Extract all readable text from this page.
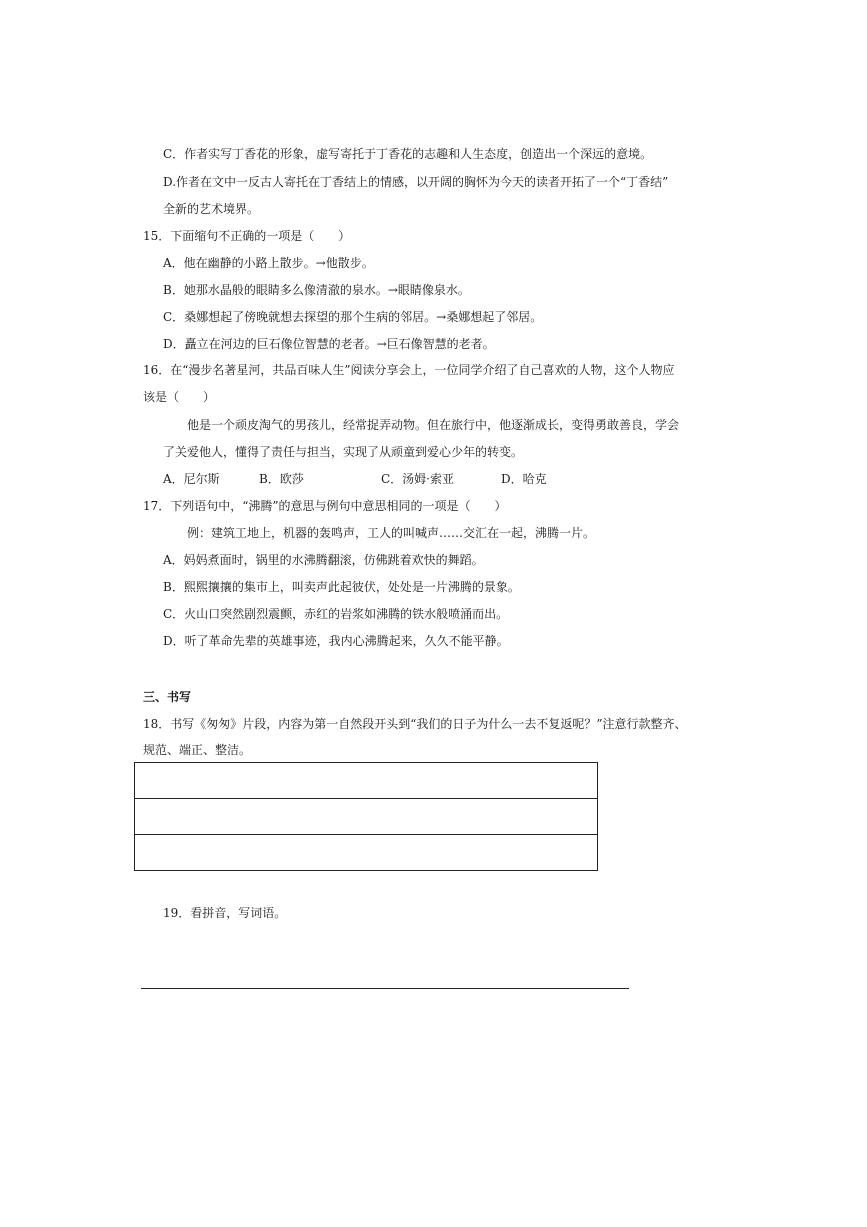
C．作者实写丁香花的形象，虚写寄托于丁香花的志趣和人生态度，创造出一个深远的意境。
D.作者在文中一反古人寄托在丁香结上的情感，以开阔的胸怀为今天的读者开拓了一个“丁香结”
全新的艺术境界。
15．下面缩句不正确的一项是（　　）
A．他在幽静的小路上散步。→他散步。
B．她那水晶般的眼睛多么像清澈的泉水。→眼睛像泉水。
C．桑娜想起了傍晚就想去探望的那个生病的邻居。→桑娜想起了邻居。
D．矗立在河边的巨石像位智慧的老者。→巨石像智慧的老者。
16．在“漫步名著星河，共品百味人生”阅读分享会上，一位同学介绍了自己喜欢的人物，这个人物应
该是（　　）
他是一个顽皮淘气的男孩儿，经常捉弄动物。但在旅行中，他逐渐成长，变得勇敢善良，学会
了关爱他人，懂得了责任与担当，实现了从顽童到爱心少年的转变。
A．尼尔斯	B．欧莎	C．汤姆·索亚	D．哈克
17．下列语句中，“沸腾”的意思与例句中意思相同的一项是（　　）
例：建筑工地上，机器的轰鸣声，工人的叫喊声……交汇在一起，沸腾一片。
A．妈妈煮面时，锅里的水沸腾翻滚，仿佛跳着欢快的舞蹈。
B．熙熙攘攘的集市上，叫卖声此起彼伏，处处是一片沸腾的景象。
C．火山口突然剧烈震颤，赤红的岩浆如沸腾的铁水般喷涌而出。
D．听了革命先辈的英雄事迹，我内心沸腾起来，久久不能平静。
三、书写
18．书写《匆匆》片段，内容为第一自然段开头到“我们的日子为什么一去不复返呢？”注意行款整齐、
规范、端正、整洁。
19．看拼音，写词语。
